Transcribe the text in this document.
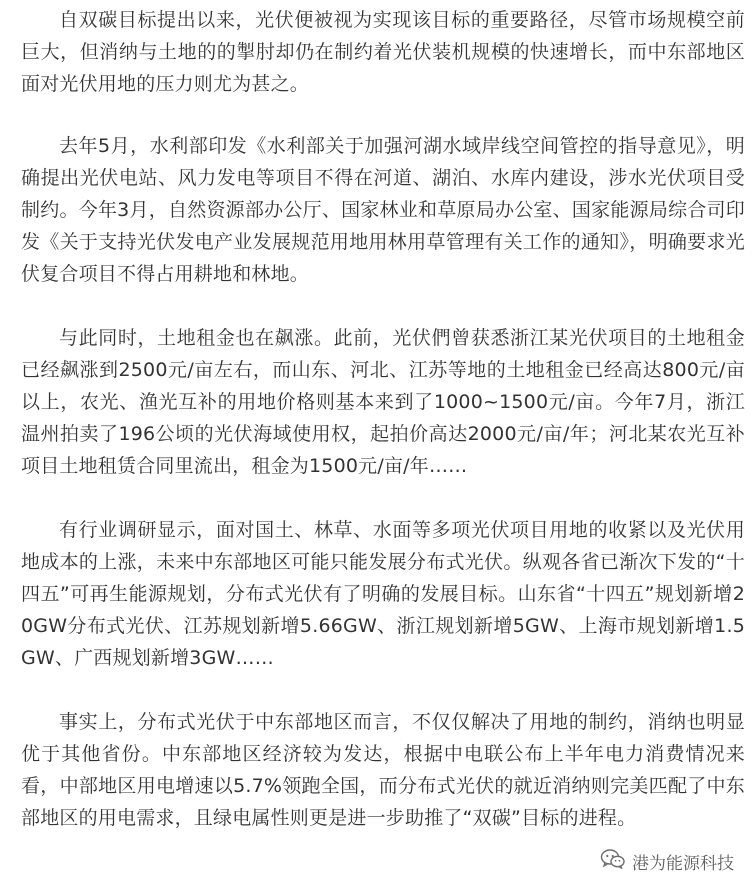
自双碳目标提出以来，光伏便被视为实现该目标的重要路径，尽管市场规模空前巨大，但消纳与土地的的掣肘却仍在制约着光伏装机规模的快速增长，而中东部地区面对光伏用地的压力则尤为甚之。

去年5月，水利部印发《水利部关于加强河湖水域岸线空间管控的指导意见》，明确提出光伏电站、风力发电等项目不得在河道、湖泊、水库内建设，涉水光伏项目受制约。今年3月，自然资源部办公厅、国家林业和草原局办公室、国家能源局综合司印发《关于支持光伏发电产业发展规范用地用林用草管理有关工作的通知》，明确要求光伏复合项目不得占用耕地和林地。

与此同时，土地租金也在飙涨。此前，光伏們曾获悉浙江某光伏项目的土地租金已经飙涨到2500元/亩左右，而山东、河北、江苏等地的土地租金已经高达800元/亩以上，农光、渔光互补的用地价格则基本来到了1000~1500元/亩。今年7月，浙江温州拍卖了196公顷的光伏海域使用权，起拍价高达2000元/亩/年；河北某农光互补项目土地租赁合同里流出，租金为1500元/亩/年……

有行业调研显示，面对国土、林草、水面等多项光伏项目用地的收紧以及光伏用地成本的上涨，未来中东部地区可能只能发展分布式光伏。纵观各省已渐次下发的“十四五”可再生能源规划，分布式光伏有了明确的发展目标。山东省“十四五”规划新增20GW分布式光伏、江苏规划新增5.66GW、浙江规划新增5GW、上海市规划新增1.5GW、广西规划新增3GW……

事实上，分布式光伏于中东部地区而言，不仅仅解决了用地的制约，消纳也明显优于其他省份。中东部地区经济较为发达，根据中电联公布上半年电力消费情况来看，中部地区用电增速以5.7%领跑全国，而分布式光伏的就近消纳则完美匹配了中东部地区的用电需求，且绿电属性则更是进一步助推了“双碳”目标的进程。

港为能源科技
